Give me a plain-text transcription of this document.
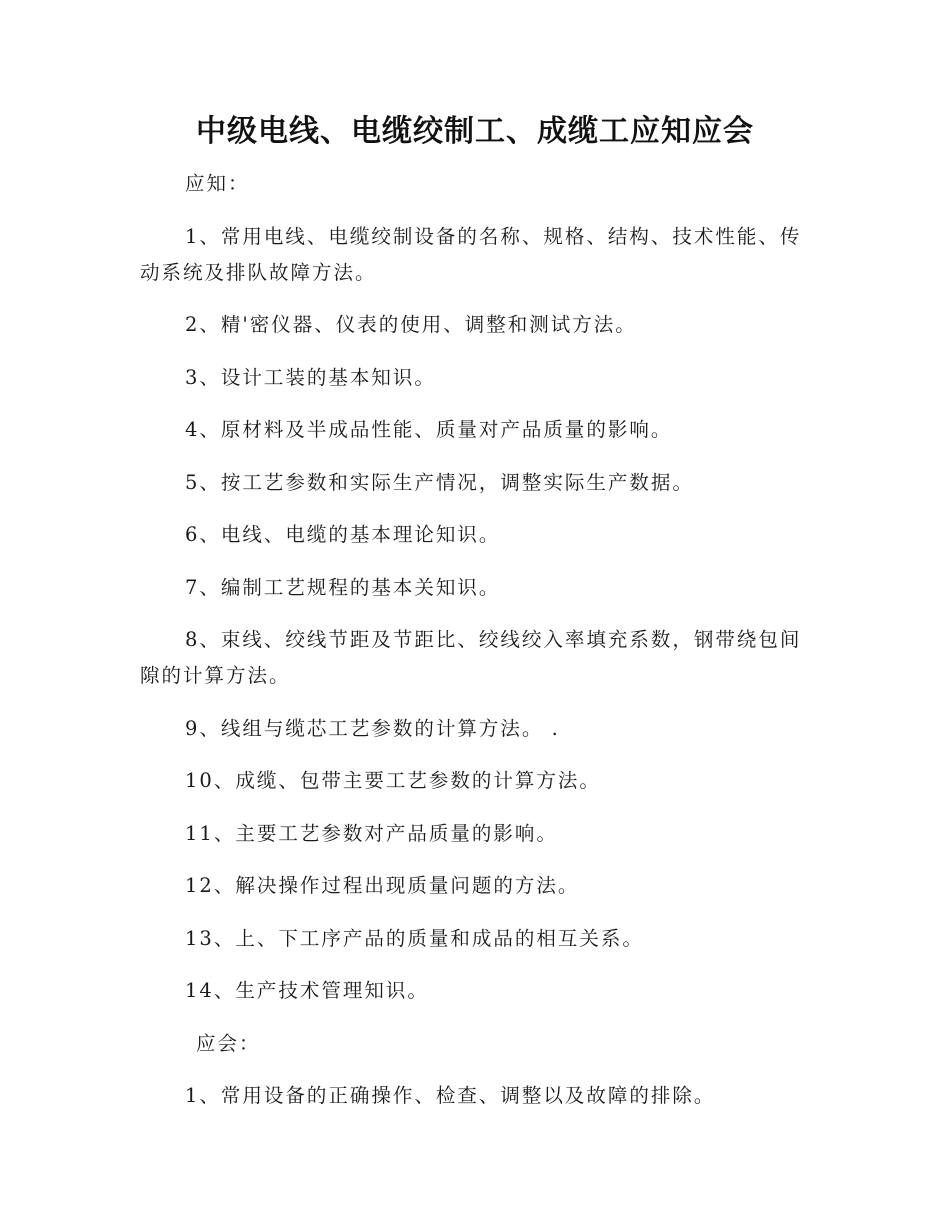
中级电线、电缆绞制工、成缆工应知应会

应知：

1、常用电线、电缆绞制设备的名称、规格、结构、技术性能、传动系统及排队故障方法。

2、精'密仪器、仪表的使用、调整和测试方法。

3、设计工装的基本知识。

4、原材料及半成品性能、质量对产品质量的影响。

5、按工艺参数和实际生产情况，调整实际生产数据。

6、电线、电缆的基本理论知识。

7、编制工艺规程的基本关知识。

8、束线、绞线节距及节距比、绞线绞入率填充系数，钢带绕包间隙的计算方法。

9、线组与缆芯工艺参数的计算方法。 .

10、成缆、包带主要工艺参数的计算方法。

11、主要工艺参数对产品质量的影响。

12、解决操作过程出现质量问题的方法。

13、上、下工序产品的质量和成品的相互关系。

14、生产技术管理知识。

应会：

1、常用设备的正确操作、检查、调整以及故障的排除。
